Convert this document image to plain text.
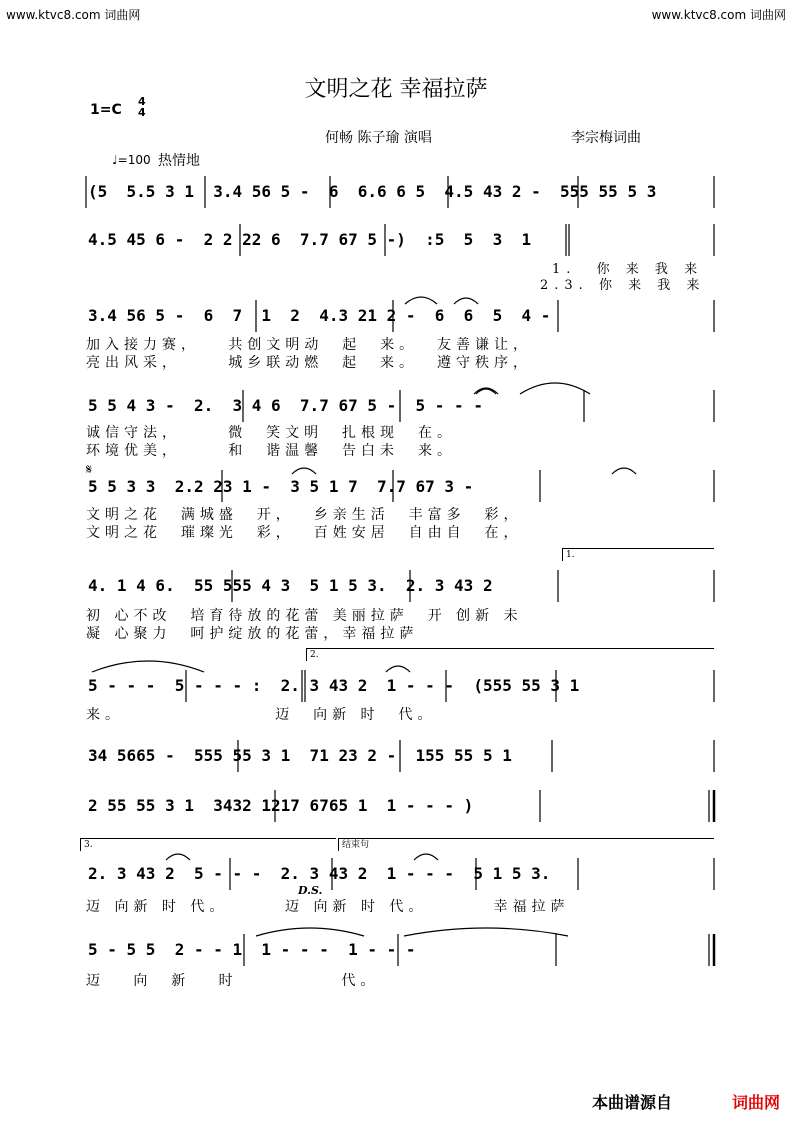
www.ktvc8.com 词曲网	www.ktvc8.com 词曲网
文明之花 幸福拉萨
1=C
4
4
何畅 陈子瑜 演唱	李宗梅词曲
♩=100 热情地
(5  5.5 3 1  3.4 56 5 -  6  6.6 6 5  4.5 43 2 -  555 55 5 3
4.5 45 6 -  2 2 22 6  7.7 67 5 -)  :5  5  3  1
1.  你 来 我 来
2.3. 你 来 我 来
3.4 56 5 -  6  7  1  2  4.3 21 2 -  6  6  5  4 -
加入接力赛，   共创文明动  起  来。  友善谦让，
亮出风采，     城乡联动燃  起  来。  遵守秩序，
5 5 4 3 -  2.  3 4 6  7.7 67 5 -  5 - - -
诚信守法，     微  笑文明  扎根现  在。
环境优美，     和  谐温馨  告白未  来。
𝄋
5 5 3 3  2.2 23 1 -  3 5 1 7  7.7 67 3 -
文明之花  满城盛  开，  乡亲生活  丰富多  彩，
文明之花  璀璨光  彩，  百姓安居  自由自  在，
1.
4. 1 4 6.  55 555 4 3  5 1 5 3.  2. 3 43 2
初 心不改  培育待放的花蕾 美丽拉萨  开 创新 未
凝 心聚力  呵护绽放的花蕾，幸福拉萨
2.
5 - - -  5 - - - :  2. 3 43 2  1 - - -  (555 55 3 1
来。                迈  向新 时  代。
34 5665 -  555 55 3 1  71 23 2 -  155 55 5 1
2 55 55 3 1  3432 1217 6765 1  1 - - - )
3.	结束句
2. 3 43 2  5 - - -  2. 3 43 2  1 - - -  5 1 5 3.
D.S.
迈 向新 时 代。      迈 向新 时 代。       幸福拉萨
5 - 5 5  2 - - 1  1 - - -  1 - - -
迈   向  新   时           代。
本曲谱源自	词曲网
